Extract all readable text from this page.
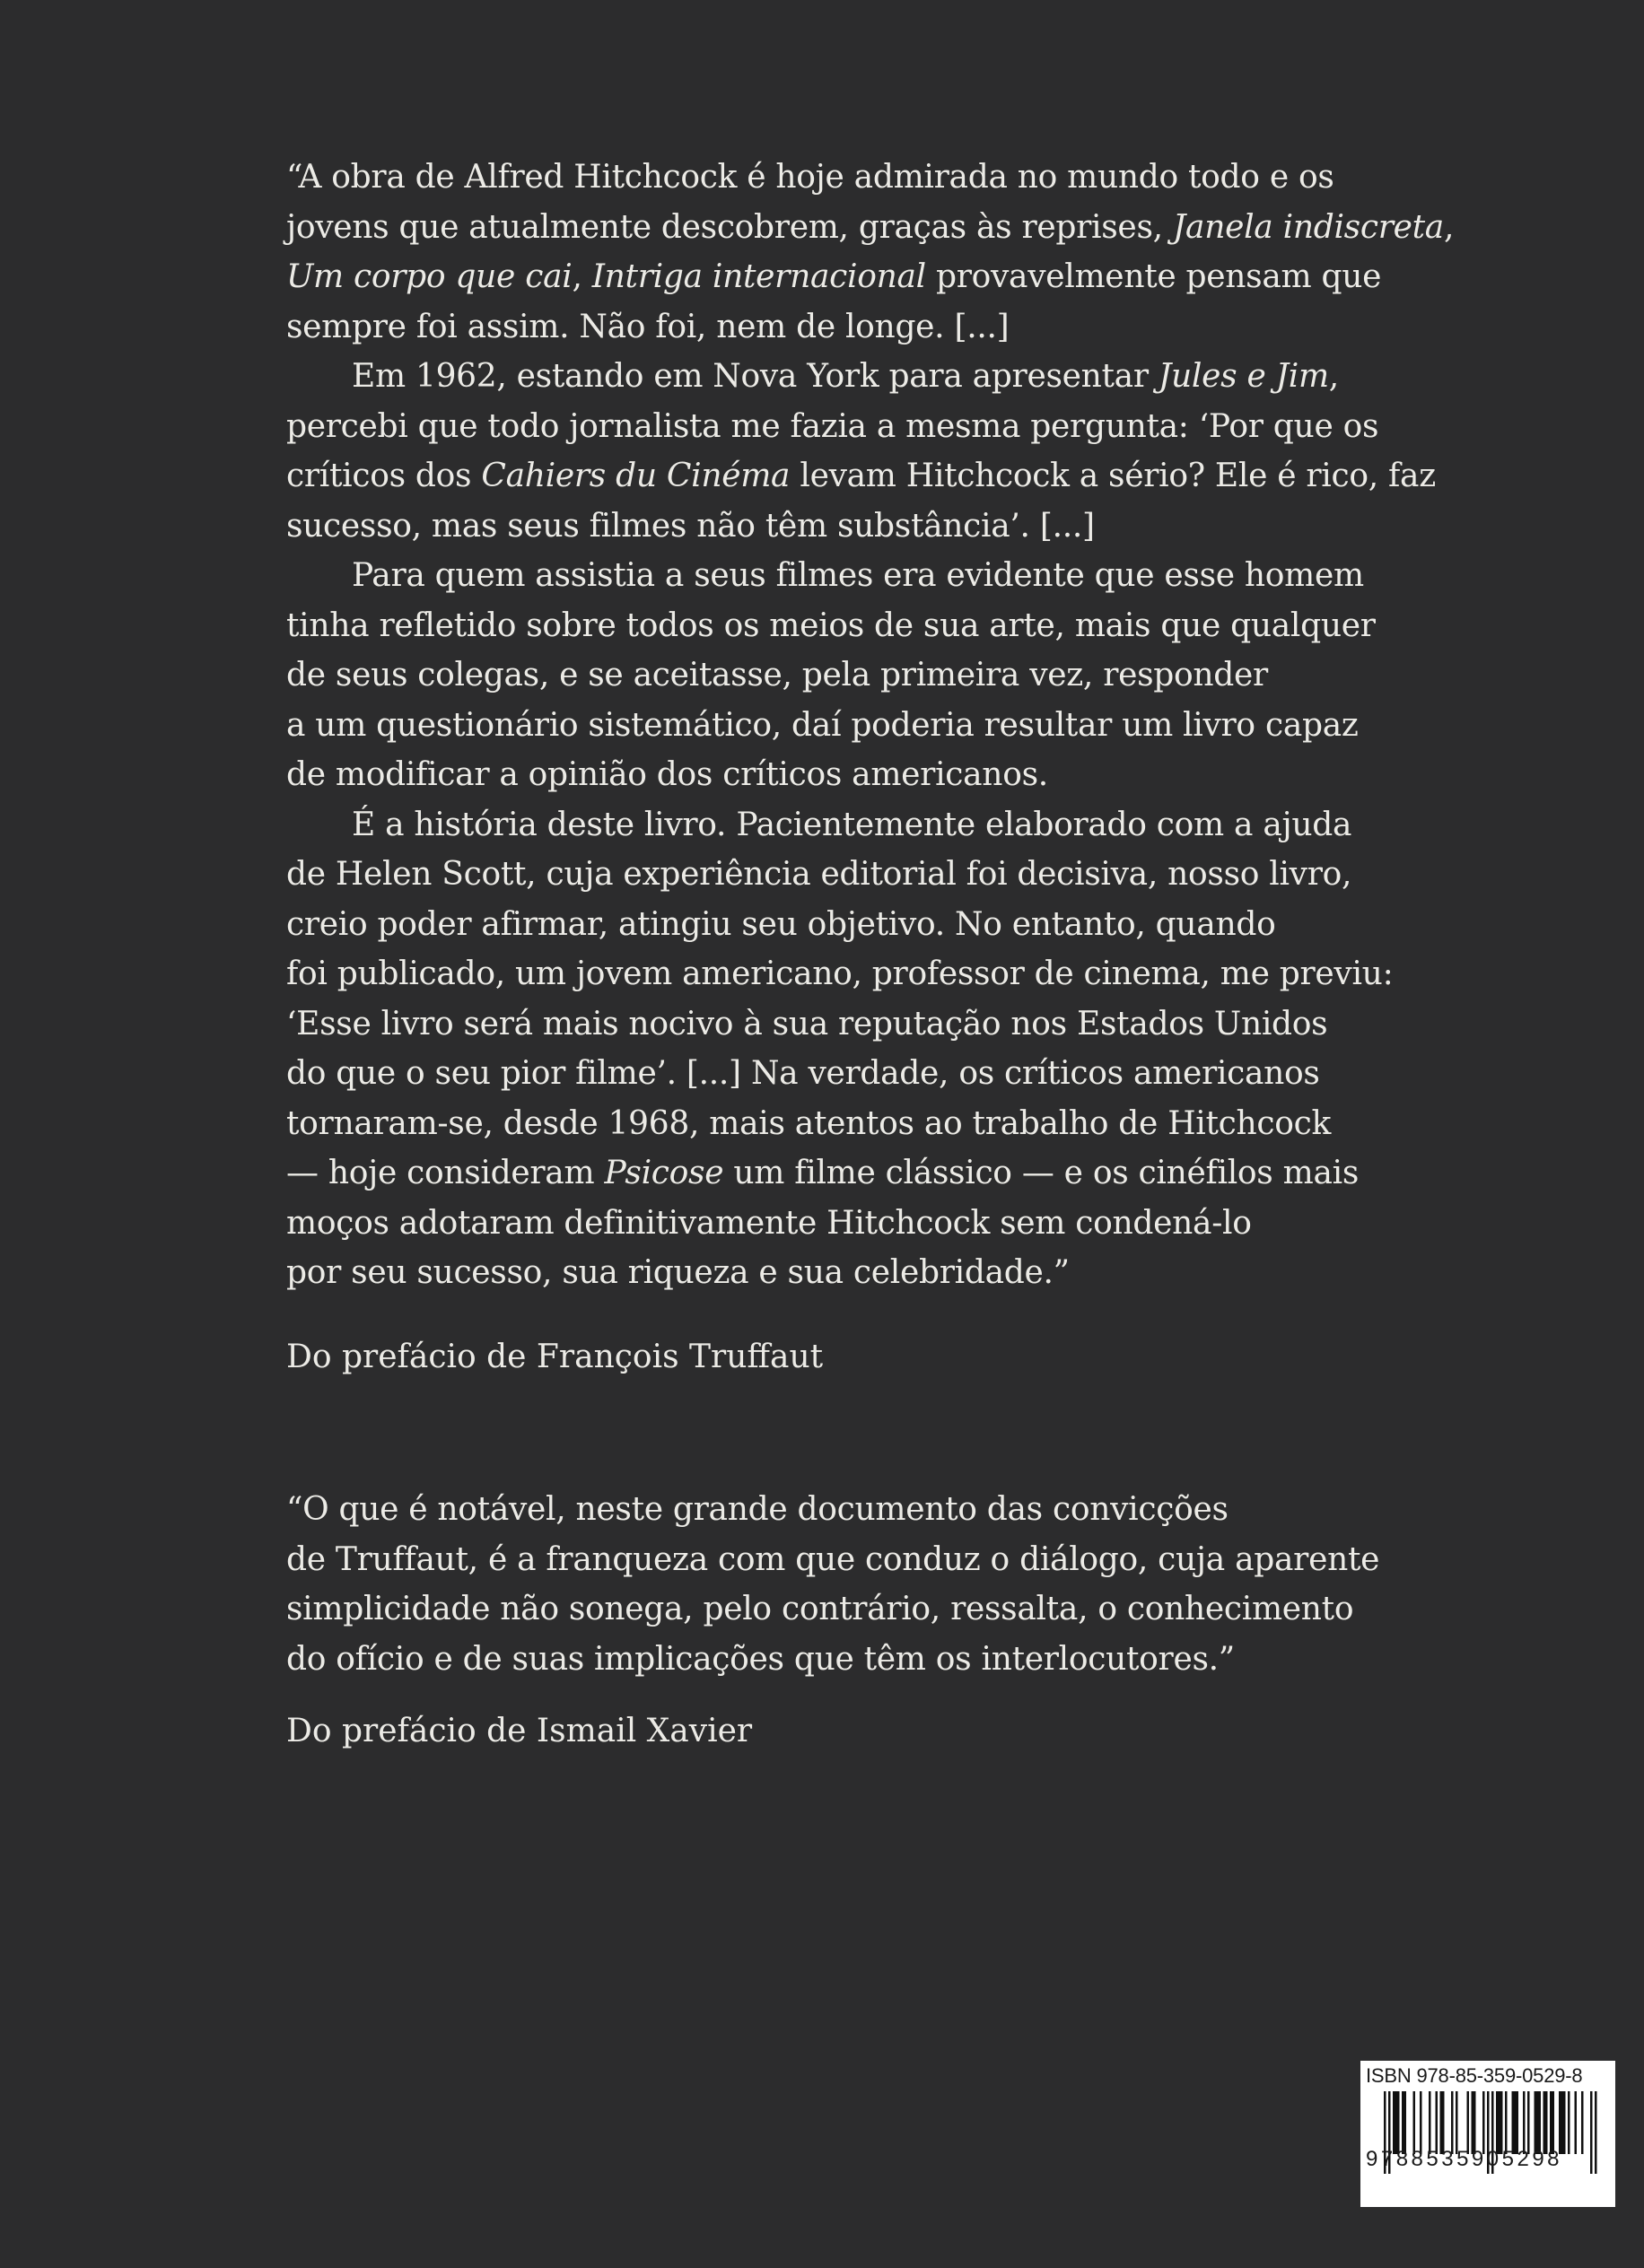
“A obra de Alfred Hitchcock é hoje admirada no mundo todo e os
jovens que atualmente descobrem, graças às reprises, Janela indiscreta,
Um corpo que cai, Intriga internacional provavelmente pensam que
sempre foi assim. Não foi, nem de longe. [...]
Em 1962, estando em Nova York para apresentar Jules e Jim,
percebi que todo jornalista me fazia a mesma pergunta: ‘Por que os
críticos dos Cahiers du Cinéma levam Hitchcock a sério? Ele é rico, faz
sucesso, mas seus filmes não têm substância’. [...]
Para quem assistia a seus filmes era evidente que esse homem
tinha refletido sobre todos os meios de sua arte, mais que qualquer
de seus colegas, e se aceitasse, pela primeira vez, responder
a um questionário sistemático, daí poderia resultar um livro capaz
de modificar a opinião dos críticos americanos.
É a história deste livro. Pacientemente elaborado com a ajuda
de Helen Scott, cuja experiência editorial foi decisiva, nosso livro,
creio poder afirmar, atingiu seu objetivo. No entanto, quando
foi publicado, um jovem americano, professor de cinema, me previu:
‘Esse livro será mais nocivo à sua reputação nos Estados Unidos
do que o seu pior filme’. [...] Na verdade, os críticos americanos
tornaram-se, desde 1968, mais atentos ao trabalho de Hitchcock
— hoje consideram Psicose um filme clássico — e os cinéfilos mais
moços adotaram definitivamente Hitchcock sem condená-lo
por seu sucesso, sua riqueza e sua celebridade.”
Do prefácio de François Truffaut
“O que é notável, neste grande documento das convicções
de Truffaut, é a franqueza com que conduz o diálogo, cuja aparente
simplicidade não sonega, pelo contrário, ressalta, o conhecimento
do ofício e de suas implicações que têm os interlocutores.”
Do prefácio de Ismail Xavier
ISBN 978-85-359-0529-8
9788535905298
